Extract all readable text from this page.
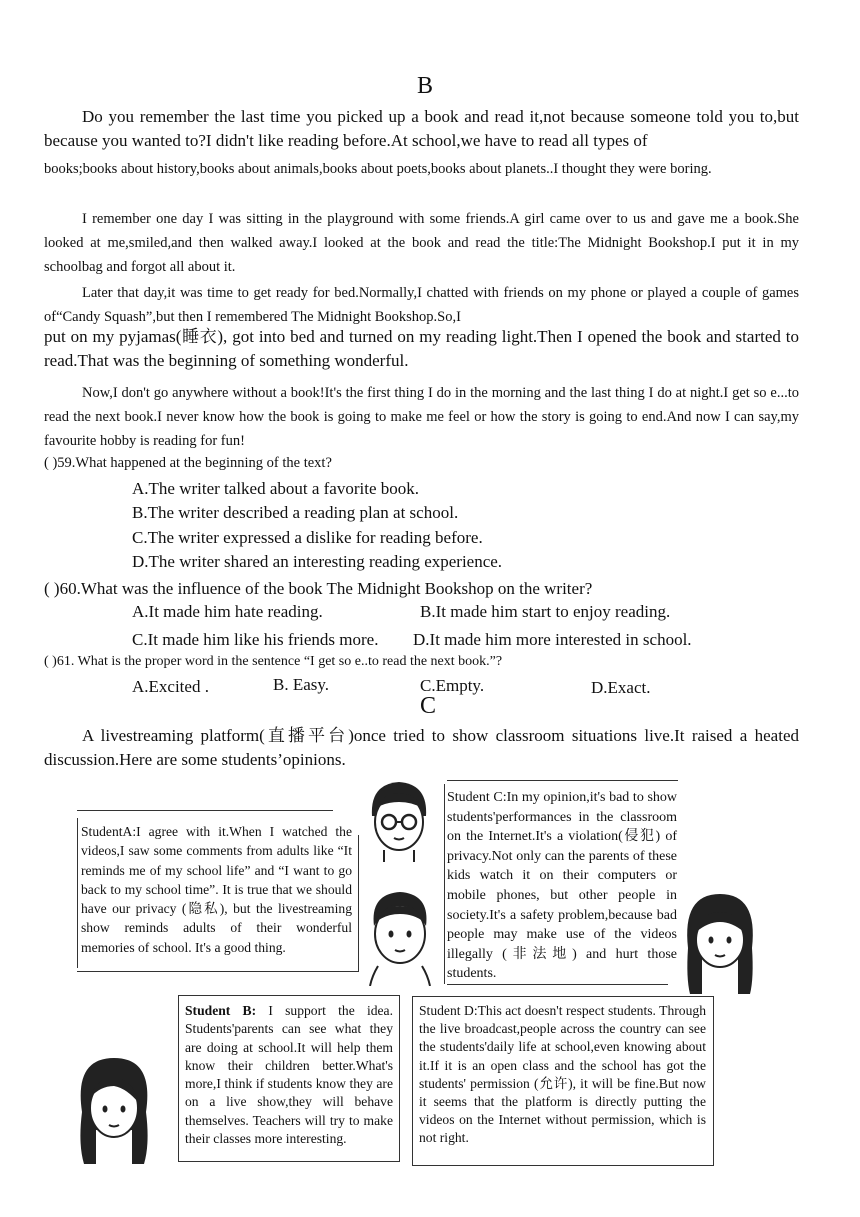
B
Do you remember the last time you picked up a book and read it,not because someone told you to,but because you wanted to?I didn't like reading before.At school,we have to read all types of
books;books about history,books about animals,books about poets,books about planets..I thought they were boring.
I remember one day I was sitting in the playground with some friends.A girl came over to us and gave me a book.She looked at me,smiled,and then walked away.I looked at the book and read the title:The Midnight Bookshop.I put it in my schoolbag and forgot all about it.
Later that day,it was time to get ready for bed.Normally,I chatted with friends on my phone or played a couple of games of“Candy Squash”,but then I remembered The Midnight Bookshop.So,I
put on my pyjamas(睡衣), got into bed and turned on my reading light.Then I opened the book and started to read.That was the beginning of something wonderful.
Now,I don't go anywhere without a book!It's the first thing I do in the morning and the last thing I do at night.I get so e...to read the next book.I never know how the book is going to make me feel or how the story is going to end.And now I can say,my favourite hobby is reading for fun!
( )59.What happened at the beginning of the text?
A.The writer talked about a favorite book.
B.The writer described a reading plan at school.
C.The writer expressed a dislike for reading before.
D.The writer shared an interesting reading experience.
( )60.What was the influence of the book The Midnight Bookshop on the writer?
A.It made him hate reading.	B.It made him start to enjoy reading.
C.It made him like his friends more. D.It made him more interested in school.
( )61. What is the proper word in the sentence “I get so e..to read the next book.”?
A.Excited .	B. Easy.	C.Empty.	D.Exact.
C
A livestreaming platform(直播平台)once tried to show classroom situations live.It raised a heated discussion.Here are some students’opinions.
StudentA:I agree with it.When I watched the videos,I saw some comments from adults like “It reminds me of my school life” and “I want to go back to my school time”. It is true that we should have our privacy (隐私), but the livestreaming show reminds adults of their wonderful memories of school. It's a good thing.
Student C:In my opinion,it's bad to show students'performances in the classroom on the Internet.It's a violation(侵犯) of privacy.Not only can the parents of these kids watch it on their computers or mobile phones, but other people in society.It's a safety problem,because bad people may make use of the videos illegally (非法地) and hurt those students.
Student B: I support the idea. Students'parents can see what they are doing at school.It will help them know their children better.What's more,I think if students know they are on a live show,they will behave themselves. Teachers will try to make their classes more interesting.
Student D:This act doesn't respect students. Through the live broadcast,people across the country can see the students'daily life at school,even knowing about it.If it is an open class and the school has got the students' permission (允许), it will be fine.But now it seems that the platform is directly putting the videos on the Internet without permission, which is not right.
